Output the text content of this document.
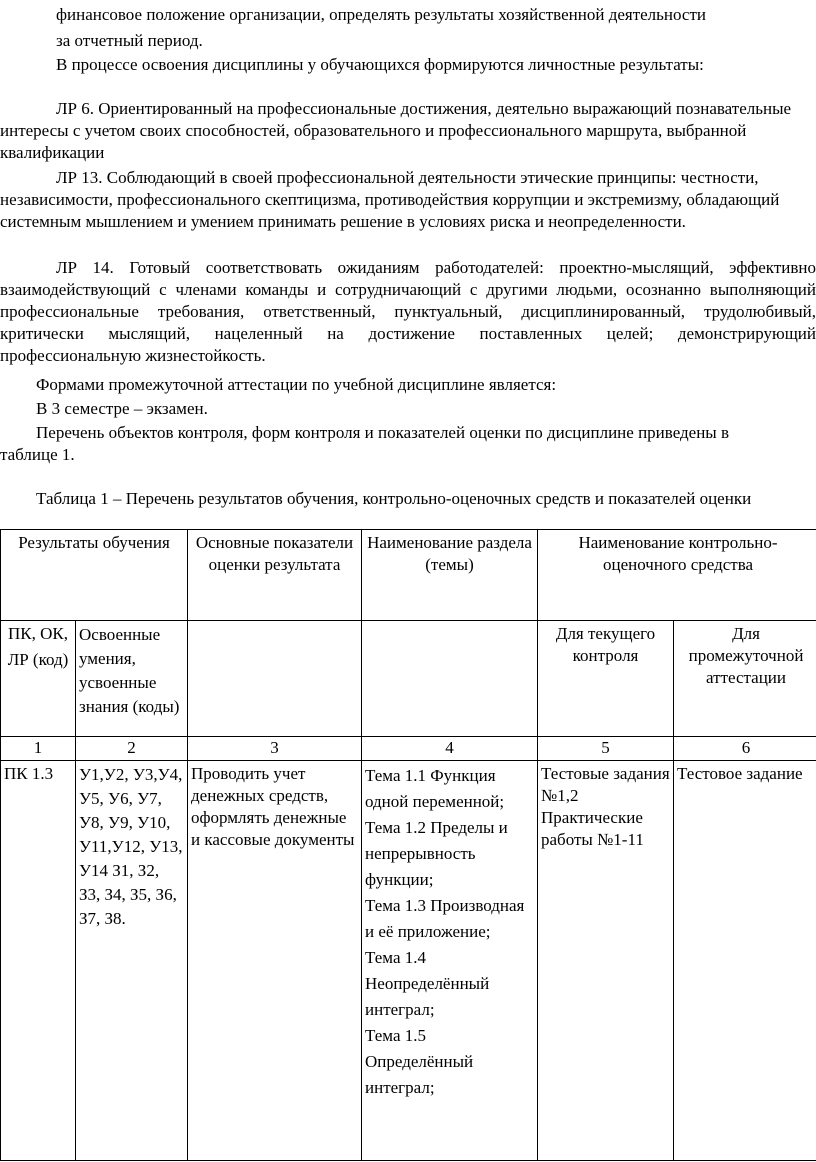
финансовое положение организации, определять результаты хозяйственной деятельности

за отчетный период.

В процессе освоения дисциплины у обучающихся формируются личностные результаты:

ЛР 6. Ориентированный на профессиональные достижения, деятельно выражающий познавательные интересы с учетом своих способностей, образовательного и профессионального маршрута, выбранной квалификации

ЛР 13. Соблюдающий в своей профессиональной деятельности этические принципы: честности, независимости, профессионального скептицизма, противодействия коррупции и экстремизму, обладающий системным мышлением и умением принимать решение в условиях риска и неопределенности.

ЛР 14. Готовый соответствовать ожиданиям работодателей: проектно-мыслящий, эффективно взаимодействующий с членами команды и сотрудничающий с другими людьми, осознанно выполняющий профессиональные требования, ответственный, пунктуальный, дисциплинированный, трудолюбивый, критически мыслящий, нацеленный на достижение поставленных целей; демонстрирующий профессиональную жизнестойкость.

Формами промежуточной аттестации по учебной дисциплине является:

В 3 семестре – экзамен.

Перечень объектов контроля, форм контроля и показателей оценки по дисциплине приведены в таблице 1.

Таблица 1 – Перечень результатов обучения, контрольно-оценочных средств и показателей оценки

Результаты обучения		Основные показатели оценки результата	Наименование раздела (темы)	Наименование контрольно-оценочного средства	
ПК, ОК, ЛР (код)	Освоенные умения, усвоенные знания (коды)			Для текущего контроля	Для промежуточной аттестации
1	2	3	4	5	6
ПК 1.3	У1,У2, У3,У4, У5, У6, У7, У8, У9, У10, У11,У12, У13, У14 З1, З2, З3, З4, З5, З6, З7, З8.	Проводить учет денежных средств, оформлять денежные и кассовые документы	Тема 1.1 Функция одной переменной;
Тема 1.2 Пределы и непрерывность функции;
Тема 1.3 Производная и её приложение;
Тема 1.4 Неопределённый интеграл;
Тема 1.5 Определённый интеграл;	Тестовые задания №1,2 Практические работы №1-11	Тестовое задание
